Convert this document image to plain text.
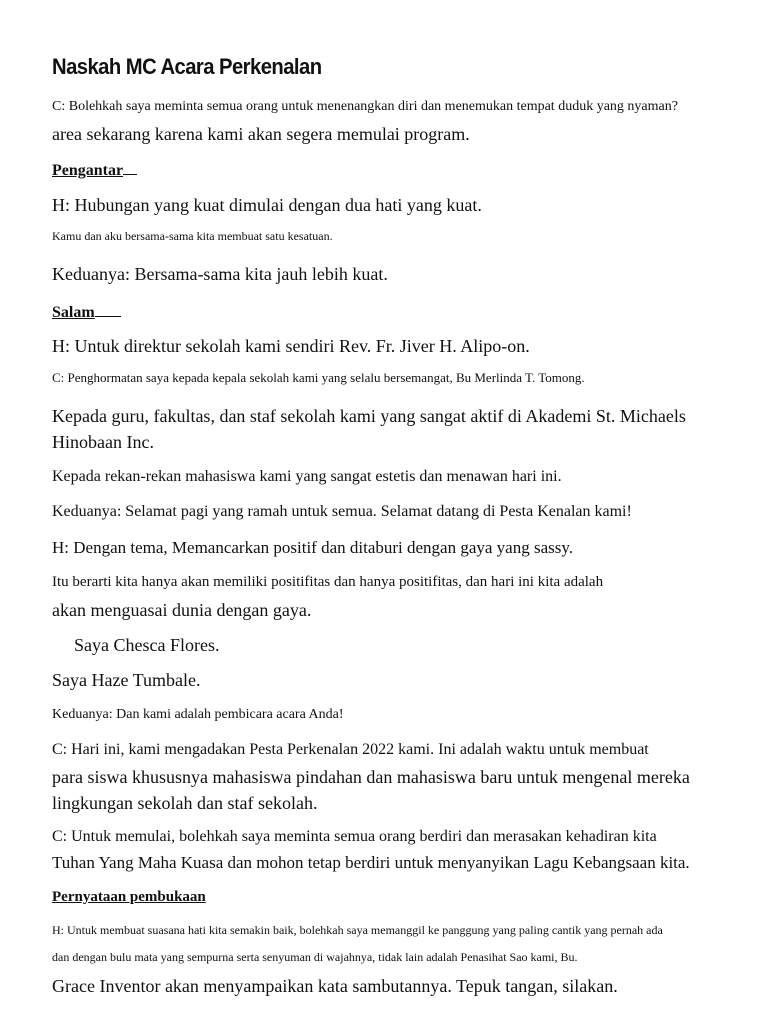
Naskah MC Acara Perkenalan

C: Bolehkah saya meminta semua orang untuk menenangkan diri dan menemukan tempat duduk yang nyaman?

area sekarang karena kami akan segera memulai program.

Pengantar

H: Hubungan yang kuat dimulai dengan dua hati yang kuat.

Kamu dan aku bersama-sama kita membuat satu kesatuan.

Keduanya: Bersama-sama kita jauh lebih kuat.

Salam

H: Untuk direktur sekolah kami sendiri Rev. Fr. Jiver H. Alipo-on.

C: Penghormatan saya kepada kepala sekolah kami yang selalu bersemangat, Bu Merlinda T. Tomong.

Kepada guru, fakultas, dan staf sekolah kami yang sangat aktif di Akademi St. Michaels

Hinobaan Inc.

Kepada rekan-rekan mahasiswa kami yang sangat estetis dan menawan hari ini.

Keduanya: Selamat pagi yang ramah untuk semua. Selamat datang di Pesta Kenalan kami!

H: Dengan tema, Memancarkan positif dan ditaburi dengan gaya yang sassy.

Itu berarti kita hanya akan memiliki positifitas dan hanya positifitas, dan hari ini kita adalah

akan menguasai dunia dengan gaya.

Saya Chesca Flores.

Saya Haze Tumbale.

Keduanya: Dan kami adalah pembicara acara Anda!

C: Hari ini, kami mengadakan Pesta Perkenalan 2022 kami. Ini adalah waktu untuk membuat

para siswa khususnya mahasiswa pindahan dan mahasiswa baru untuk mengenal mereka

lingkungan sekolah dan staf sekolah.

C: Untuk memulai, bolehkah saya meminta semua orang berdiri dan merasakan kehadiran kita

Tuhan Yang Maha Kuasa dan mohon tetap berdiri untuk menyanyikan Lagu Kebangsaan kita.

Pernyataan pembukaan

H: Untuk membuat suasana hati kita semakin baik, bolehkah saya memanggil ke panggung yang paling cantik yang pernah ada

dan dengan bulu mata yang sempurna serta senyuman di wajahnya, tidak lain adalah Penasihat Sao kami, Bu.

Grace Inventor akan menyampaikan kata sambutannya. Tepuk tangan, silakan.
